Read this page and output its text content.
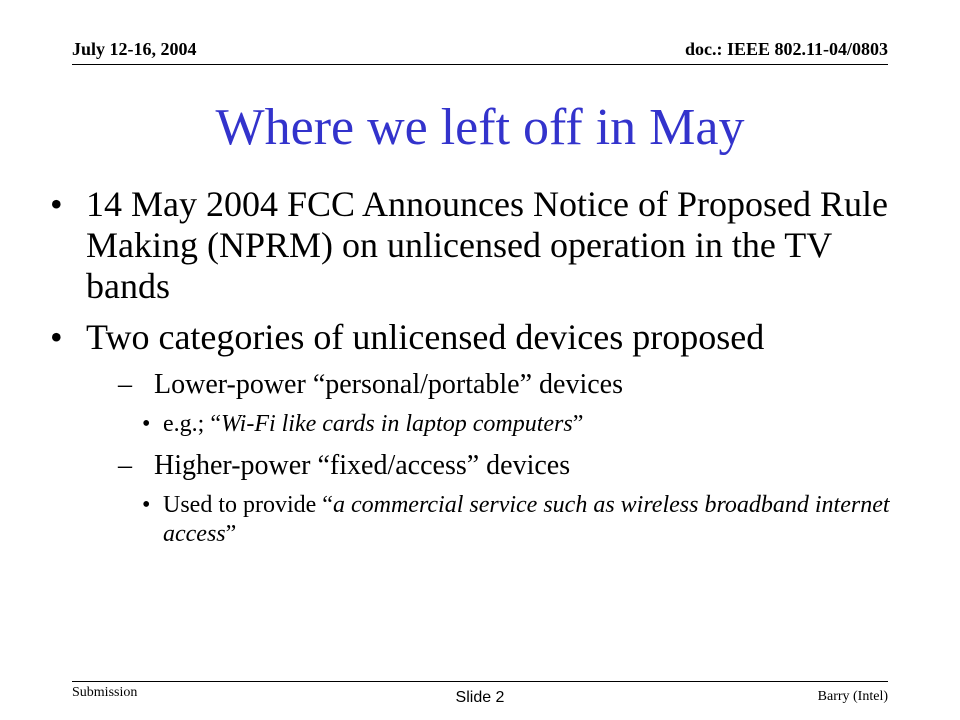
July 12-16, 2004	doc.: IEEE 802.11-04/0803
Where we left off in May
• 14 May 2004 FCC Announces Notice of Proposed Rule Making (NPRM) on unlicensed operation in the TV bands
• Two categories of unlicensed devices proposed
– Lower-power “personal/portable” devices
• e.g.; “Wi-Fi like cards in laptop computers”
– Higher-power “fixed/access” devices
• Used to provide “a commercial service such as wireless broadband internet access”
Submission	Slide 2	Barry (Intel)
